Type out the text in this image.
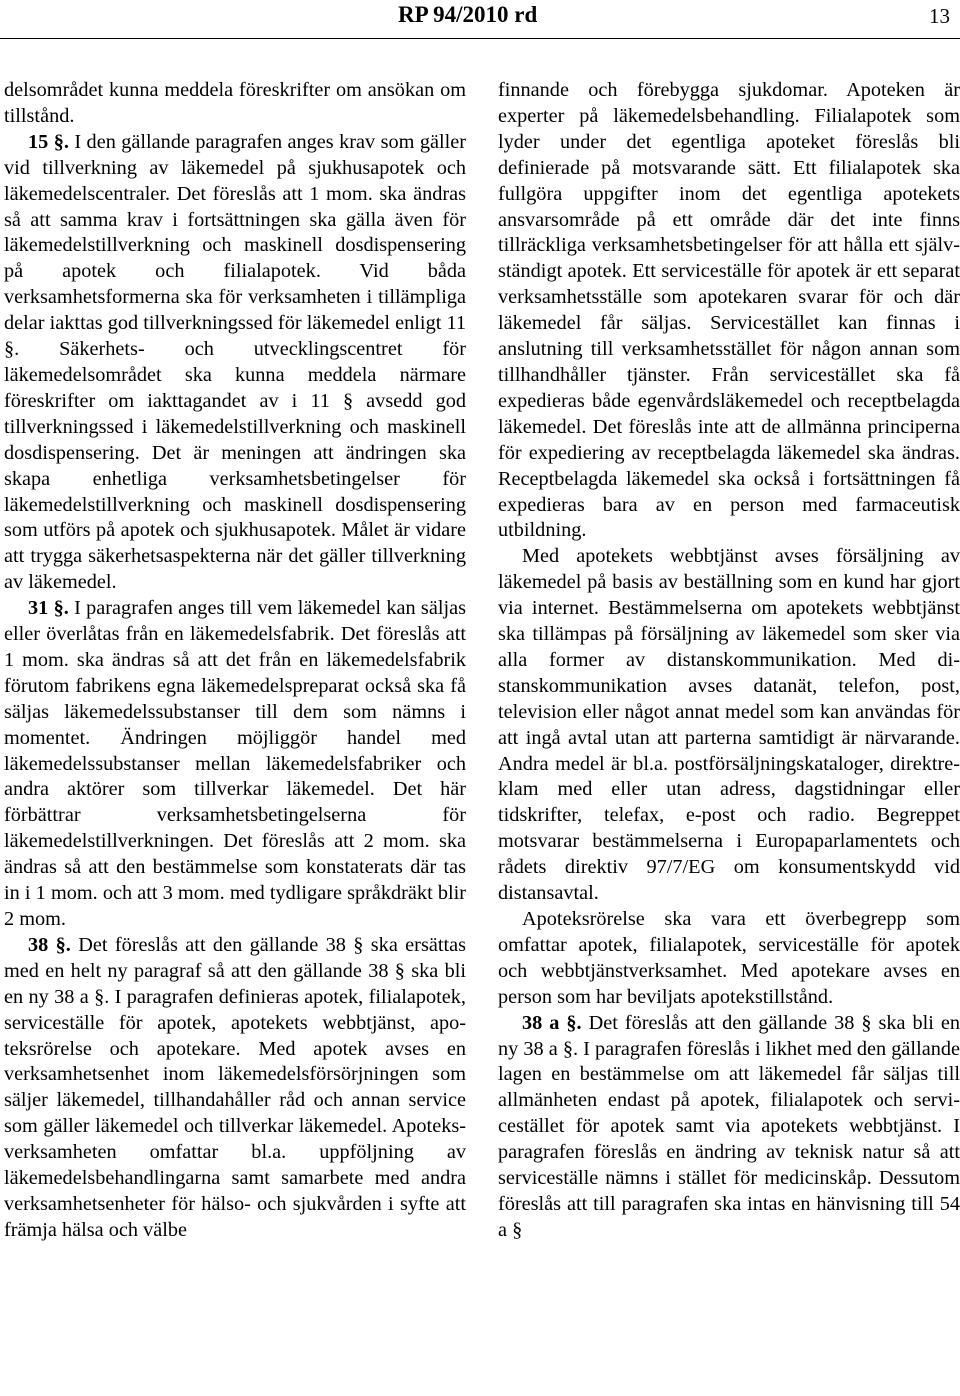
RP 94/2010 rd	13

delsområdet kunna meddela föreskrifter om ansökan om tillstånd.

15 §. I den gällande paragrafen anges krav som gäller vid tillverkning av läkemedel på sjukhusapotek och läkemedelscentraler. Det föreslås att 1 mom. ska ändras så att samma krav i fortsättningen ska gälla även för läkemedelstillverkning och maskinell dosdispensering på apotek och filialapotek. Vid båda verksamhetsformerna ska för verksamheten i tillämpliga delar iakttas god tillverkningssed för läkemedel enligt 11 §. Säkerhets- och utvecklingscentret för läkemedelsområdet ska kunna meddela närmare föreskrifter om iakttagandet av i 11 § avsedd god tillverkningssed i läkemedelstillverkning och maskinell dosdispensering. Det är meningen att ändringen ska skapa enhetliga verksamhetsbetingelser för läkemedelstillverkning och maskinell dosdispensering som utförs på apotek och sjukhusapotek. Målet är vidare att trygga säkerhetsaspekterna när det gäller tillverkning av läkemedel.

31 §. I paragrafen anges till vem läkemedel kan säljas eller överlåtas från en läkemedelsfabrik. Det föreslås att 1 mom. ska ändras så att det från en läkemedelsfabrik förutom fabrikens egna läkemedelspreparat också ska få säljas läkemedelssubstanser till dem som nämns i momentet. Ändringen möjliggör handel med läkemedelssubstanser mellan läkemedelsfabriker och andra aktörer som tillverkar läkemedel. Det här förbättrar verksamhetsbetingelserna för läkemedelstillverkningen. Det föreslås att 2 mom. ska ändras så att den bestämmelse som konstaterats där tas in i 1 mom. och att 3 mom. med tydligare språkdräkt blir 2 mom.

38 §. Det föreslås att den gällande 38 § ska ersättas med en helt ny paragraf så att den gällande 38 § ska bli en ny 38 a §. I paragrafen definieras apotek, filialapotek, serviceställe för apotek, apotekets webbtjänst, apoteksrörelse och apotekare. Med apotek avses en verksamhetsenhet inom läkemedelsförsörjningen som säljer läkemedel, tillhandahåller råd och annan service som gäller läkemedel och tillverkar läkemedel. Apoteksverksamheten omfattar bl.a. uppföljning av läkemedelsbehandlingarna samt samarbete med andra verksamhetsenheter för hälso- och sjukvården i syfte att främja hälsa och välbe

finnande och förebygga sjukdomar. Apoteken är experter på läkemedelsbehandling. Filialapotek som lyder under det egentliga apoteket föreslås bli definierade på motsvarande sätt. Ett filialapotek ska fullgöra uppgifter inom det egentliga apotekets ansvarsområde på ett område där det inte finns tillräckliga verksamhetsbetingelser för att hålla ett självständigt apotek. Ett serviceställe för apotek är ett separat verksamhetsställe som apotekaren svarar för och där läkemedel får säljas. Servicestället kan finnas i anslutning till verksamhetsstället för någon annan som tillhandhåller tjänster. Från servicestället ska få expedieras både egenvårdsläkemedel och receptbelagda läkemedel. Det föreslås inte att de allmänna principerna för expediering av receptbelagda läkemedel ska ändras. Receptbelagda läkemedel ska också i fortsättningen få expedieras bara av en person med farmaceutisk utbildning.

Med apotekets webbtjänst avses försäljning av läkemedel på basis av beställning som en kund har gjort via internet. Bestämmelserna om apotekets webbtjänst ska tillämpas på försäljning av läkemedel som sker via alla former av distanskommunikation. Med distanskommunikation avses datanät, telefon, post, television eller något annat medel som kan användas för att ingå avtal utan att parterna samtidigt är närvarande. Andra medel är bl.a. postförsäljningskataloger, direktreklam med eller utan adress, dagstidningar eller tidskrifter, telefax, e-post och radio. Begreppet motsvarar bestämmelserna i Europaparlamentets och rådets direktiv 97/7/EG om konsumentskydd vid distansavtal.

Apoteksrörelse ska vara ett överbegrepp som omfattar apotek, filialapotek, serviceställe för apotek och webbtjänstverksamhet. Med apotekare avses en person som har beviljats apotekstillstånd.

38 a §. Det föreslås att den gällande 38 § ska bli en ny 38 a §. I paragrafen föreslås i likhet med den gällande lagen en bestämmelse om att läkemedel får säljas till allmänheten endast på apotek, filialapotek och servicestället för apotek samt via apotekets webbtjänst. I paragrafen föreslås en ändring av teknisk natur så att serviceställe nämns i stället för medicinskåp. Dessutom föreslås att till paragrafen ska intas en hänvisning till 54 a §
